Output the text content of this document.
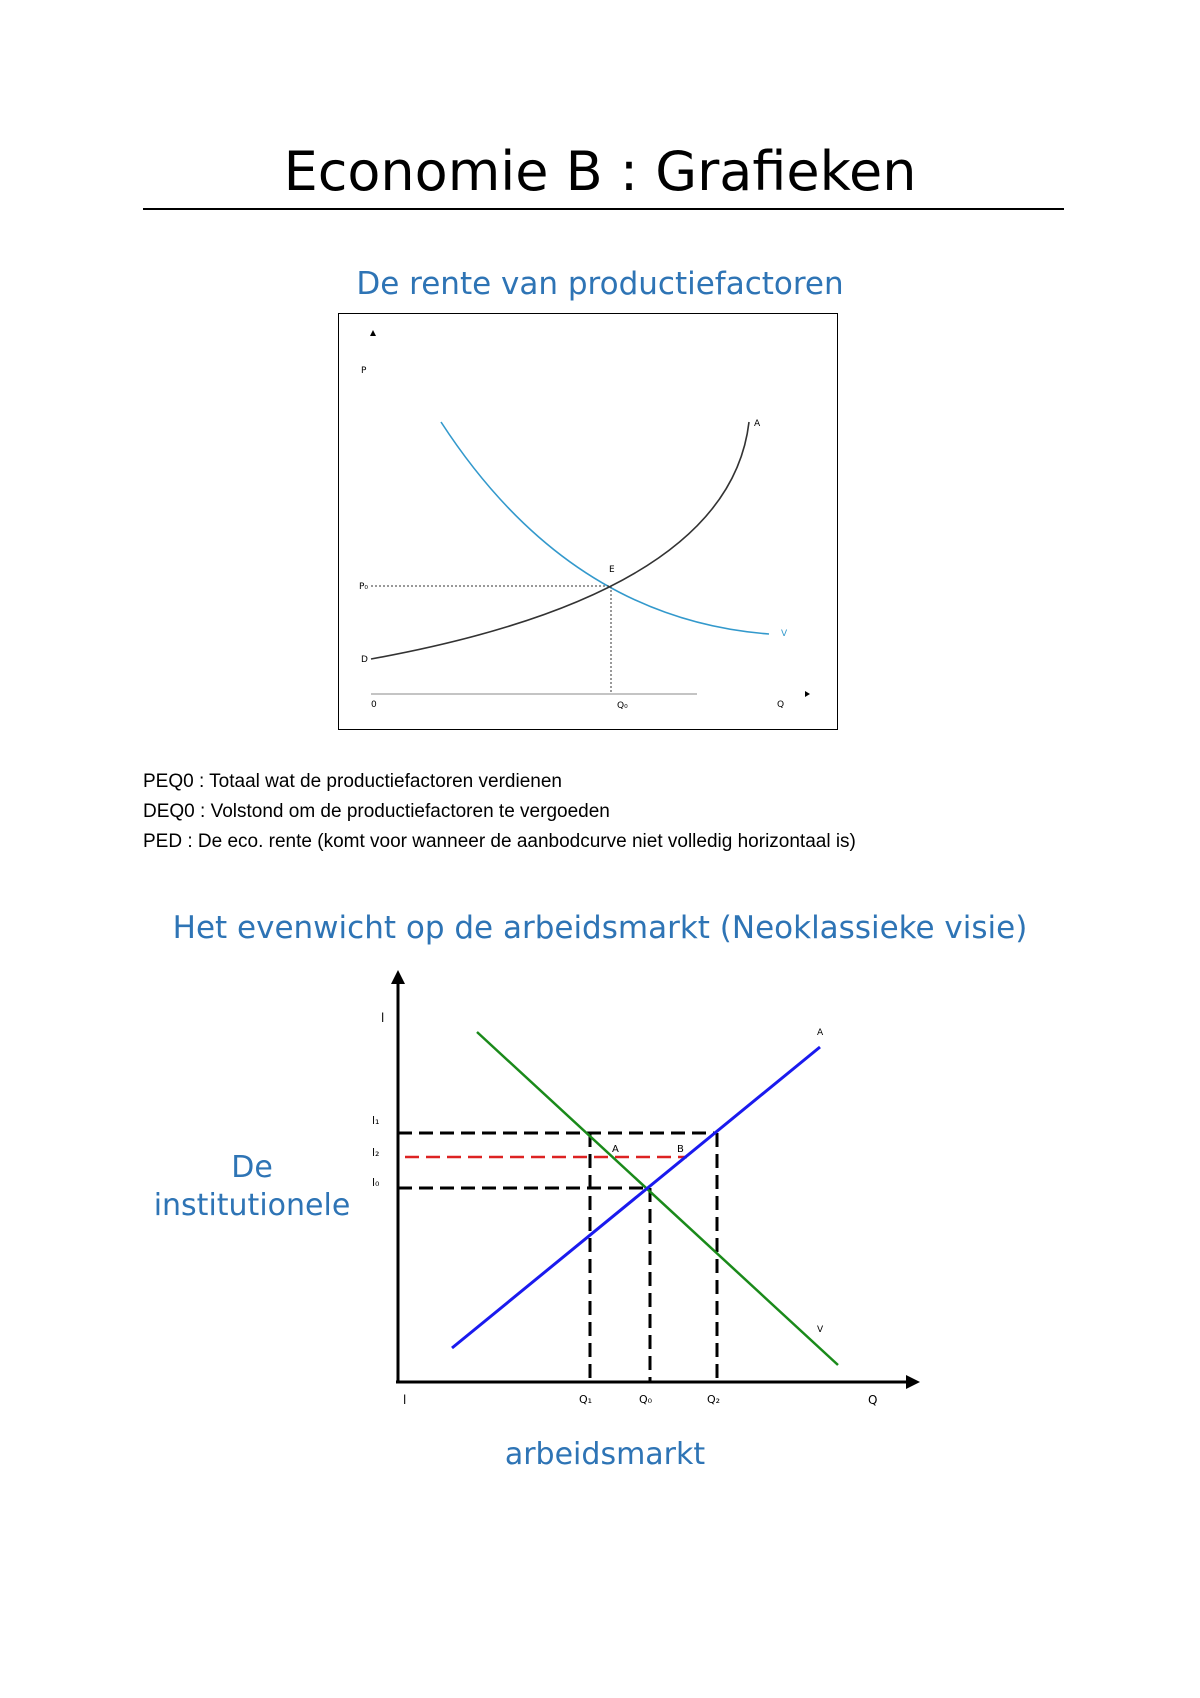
Economie B : Grafieken
De rente van productiefactoren
P
0	Q
V
A
D
P₀
Q₀
E
PEQ0 : Totaal wat de productiefactoren verdienen
DEQ0 : Volstond om de productiefactoren te vergoeden
PED : De eco. rente (komt voor wanneer de aanbodcurve niet volledig horizontaal is)
Het evenwicht op de arbeidsmarkt (Neoklassieke visie)
l
l	Q
l₁
l₂
l₀
A
V
A	B
Q₁	Q₀	Q₂
De institutionele
arbeidsmarkt
